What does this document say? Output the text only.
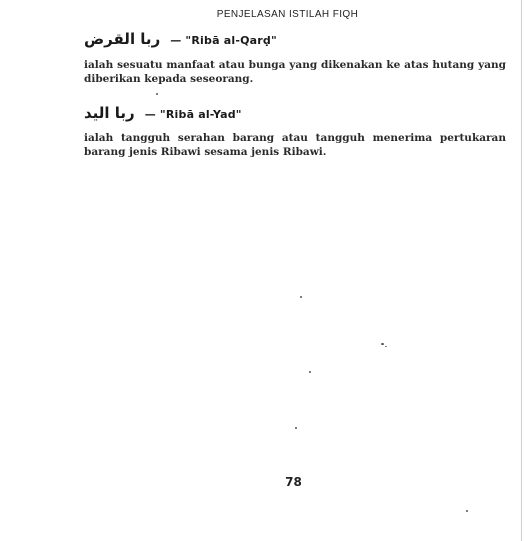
PENJELASAN ISTILAH FIQH
ربا القرض — "Ribā al-Qarḍ"

ialah sesuatu manfaat atau bunga yang dikenakan ke atas hutang yang diberikan kepada seseorang.

ربا اليد — "Ribā al-Yad"

ialah tangguh serahan barang atau tangguh menerima pertukaran barang jenis Ribawi sesama jenis Ribawi.

78
